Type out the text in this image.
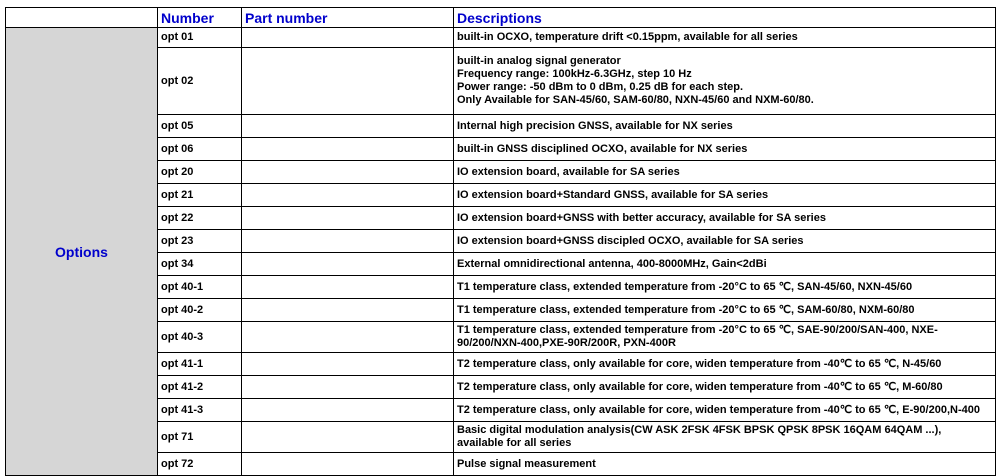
	Number	Part number	Descriptions
Options	opt 01		built-in OCXO, temperature drift <0.15ppm, available for all series

	opt 02		built-in analog signal generator
Frequency range: 100kHz-6.3GHz, step 10 Hz
Power range: -50 dBm to 0 dBm, 0.25 dB for each step.
Only Available for SAN-45/60, SAM-60/80, NXN-45/60 and NXM-60/80.

	opt 05		Internal high precision GNSS, available for NX series

	opt 06		built-in GNSS disciplined OCXO, available for NX series

	opt 20		IO extension board, available for SA series

	opt 21		IO extension board+Standard GNSS, available for SA series

	opt 22		IO extension board+GNSS with better accuracy, available for SA series

	opt 23		IO extension board+GNSS discipled OCXO, available for SA series

	opt 34		External omnidirectional antenna, 400-8000MHz, Gain<2dBi

	opt 40-1		T1 temperature class, extended temperature from -20°C to 65 ℃, SAN-45/60, NXN-45/60

	opt 40-2		T1 temperature class, extended temperature from -20°C to 65 ℃, SAM-60/80, NXM-60/80

	opt 40-3		T1 temperature class, extended temperature from -20°C to 65 ℃, SAE-90/200/SAN-400, NXE-
90/200/NXN-400,PXE-90R/200R, PXN-400R

	opt 41-1		T2 temperature class, only available for core, widen temperature from -40℃ to 65 ℃, N-45/60

	opt 41-2		T2 temperature class, only available for core, widen temperature from -40℃ to 65 ℃, M-60/80

	opt 41-3		T2 temperature class, only available for core, widen temperature from -40℃ to 65 ℃, E-90/200,N-400

	opt 71		Basic digital modulation analysis(CW ASK 2FSK 4FSK BPSK QPSK 8PSK 16QAM 64QAM ...),
available for all series

	opt 72		Pulse signal measurement
